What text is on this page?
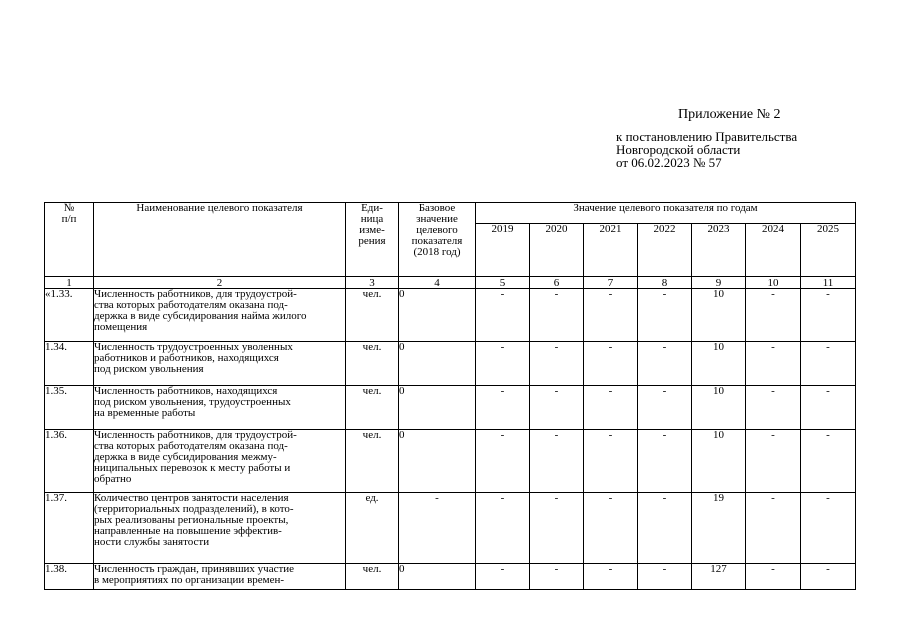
Приложение № 2
к постановлению Правительства
Новгородской области
от 06.02.2023 № 57
№
п/п	Наименование целевого показателя	Еди-
ница
изме-
рения	Базовое
значение
целевого
показателя
(2018 год)	Значение целевого показателя по годам						
				2019	2020	2021	2022	2023	2024	2025
1	2	3	4	5	6	7	8	9	10	11
«1.33.	Численность работников, для трудоустрой-
ства которых работодателям оказана под-
держка в виде субсидирования найма жилого
помещения	чел.	0	-	-	-	-	10	-	-
1.34.	Численность трудоустроенных уволенных
работников и работников, находящихся
под риском увольнения	чел.	0	-	-	-	-	10	-	-
1.35.	Численность работников, находящихся
под риском увольнения, трудоустроенных
на временные работы	чел.	0	-	-	-	-	10	-	-
1.36.	Численность работников, для трудоустрой-
ства которых работодателям оказана под-
держка в виде субсидирования межму-
ниципальных перевозок к месту работы и
обратно	чел.	0	-	-	-	-	10	-	-
1.37.	Количество центров занятости населения
(территориальных подразделений), в кото-
рых реализованы региональные проекты,
направленные на повышение эффектив-
ности службы занятости	ед.	-	-	-	-	-	19	-	-
1.38.	Численность граждан, принявших участие
в мероприятиях по организации времен-	чел.	0	-	-	-	-	127	-	-
